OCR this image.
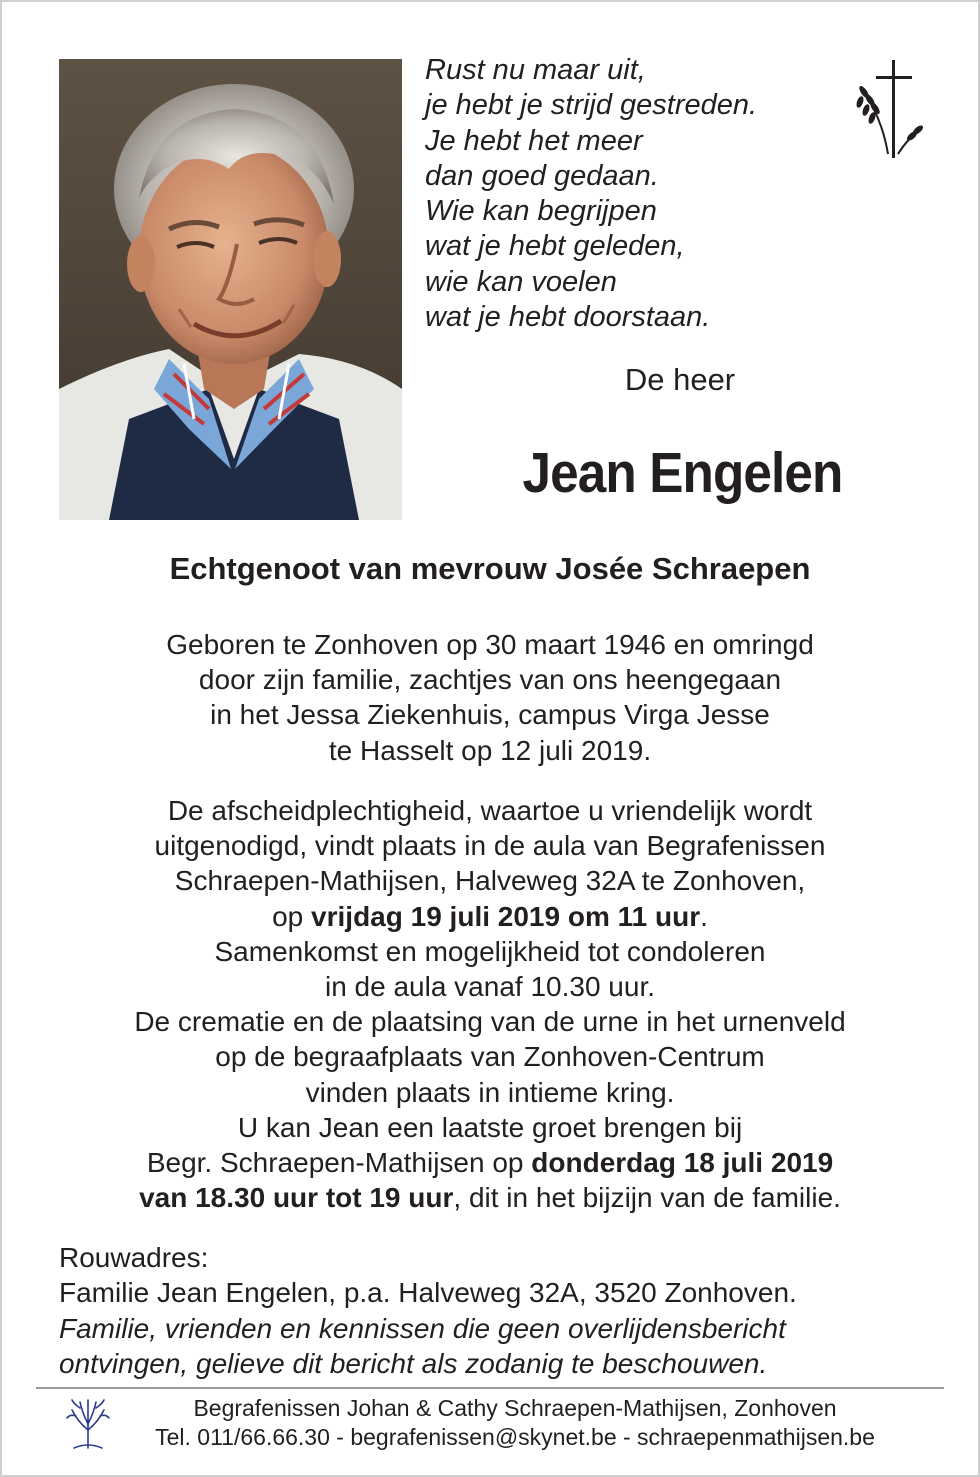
Rust nu maar uit,
je hebt je strijd gestreden.
Je hebt het meer
dan goed gedaan.
Wie kan begrijpen
wat je hebt geleden,
wie kan voelen
wat je hebt doorstaan.
De heer
Jean Engelen
Echtgenoot van mevrouw Josée Schraepen
Geboren te Zonhoven op 30 maart 1946 en omringd
door zijn familie, zachtjes van ons heengegaan
in het Jessa Ziekenhuis, campus Virga Jesse
te Hasselt op 12 juli 2019.
De afscheidplechtigheid, waartoe u vriendelijk wordt
uitgenodigd, vindt plaats in de aula van Begrafenissen
Schraepen-Mathijsen, Halveweg 32A te Zonhoven,
op vrijdag 19 juli 2019 om 11 uur.
Samenkomst en mogelijkheid tot condoleren
in de aula vanaf 10.30 uur.
De crematie en de plaatsing van de urne in het urnenveld
op de begraafplaats van Zonhoven-Centrum
vinden plaats in intieme kring.
U kan Jean een laatste groet brengen bij
Begr. Schraepen-Mathijsen op donderdag 18 juli 2019
van 18.30 uur tot 19 uur, dit in het bijzijn van de familie.
Rouwadres:
Familie Jean Engelen, p.a. Halveweg 32A, 3520 Zonhoven.
Familie, vrienden en kennissen die geen overlijdensbericht
ontvingen, gelieve dit bericht als zodanig te beschouwen.
Begrafenissen Johan & Cathy Schraepen-Mathijsen, Zonhoven
Tel. 011/66.66.30 - begrafenissen@skynet.be - schraepenmathijsen.be
